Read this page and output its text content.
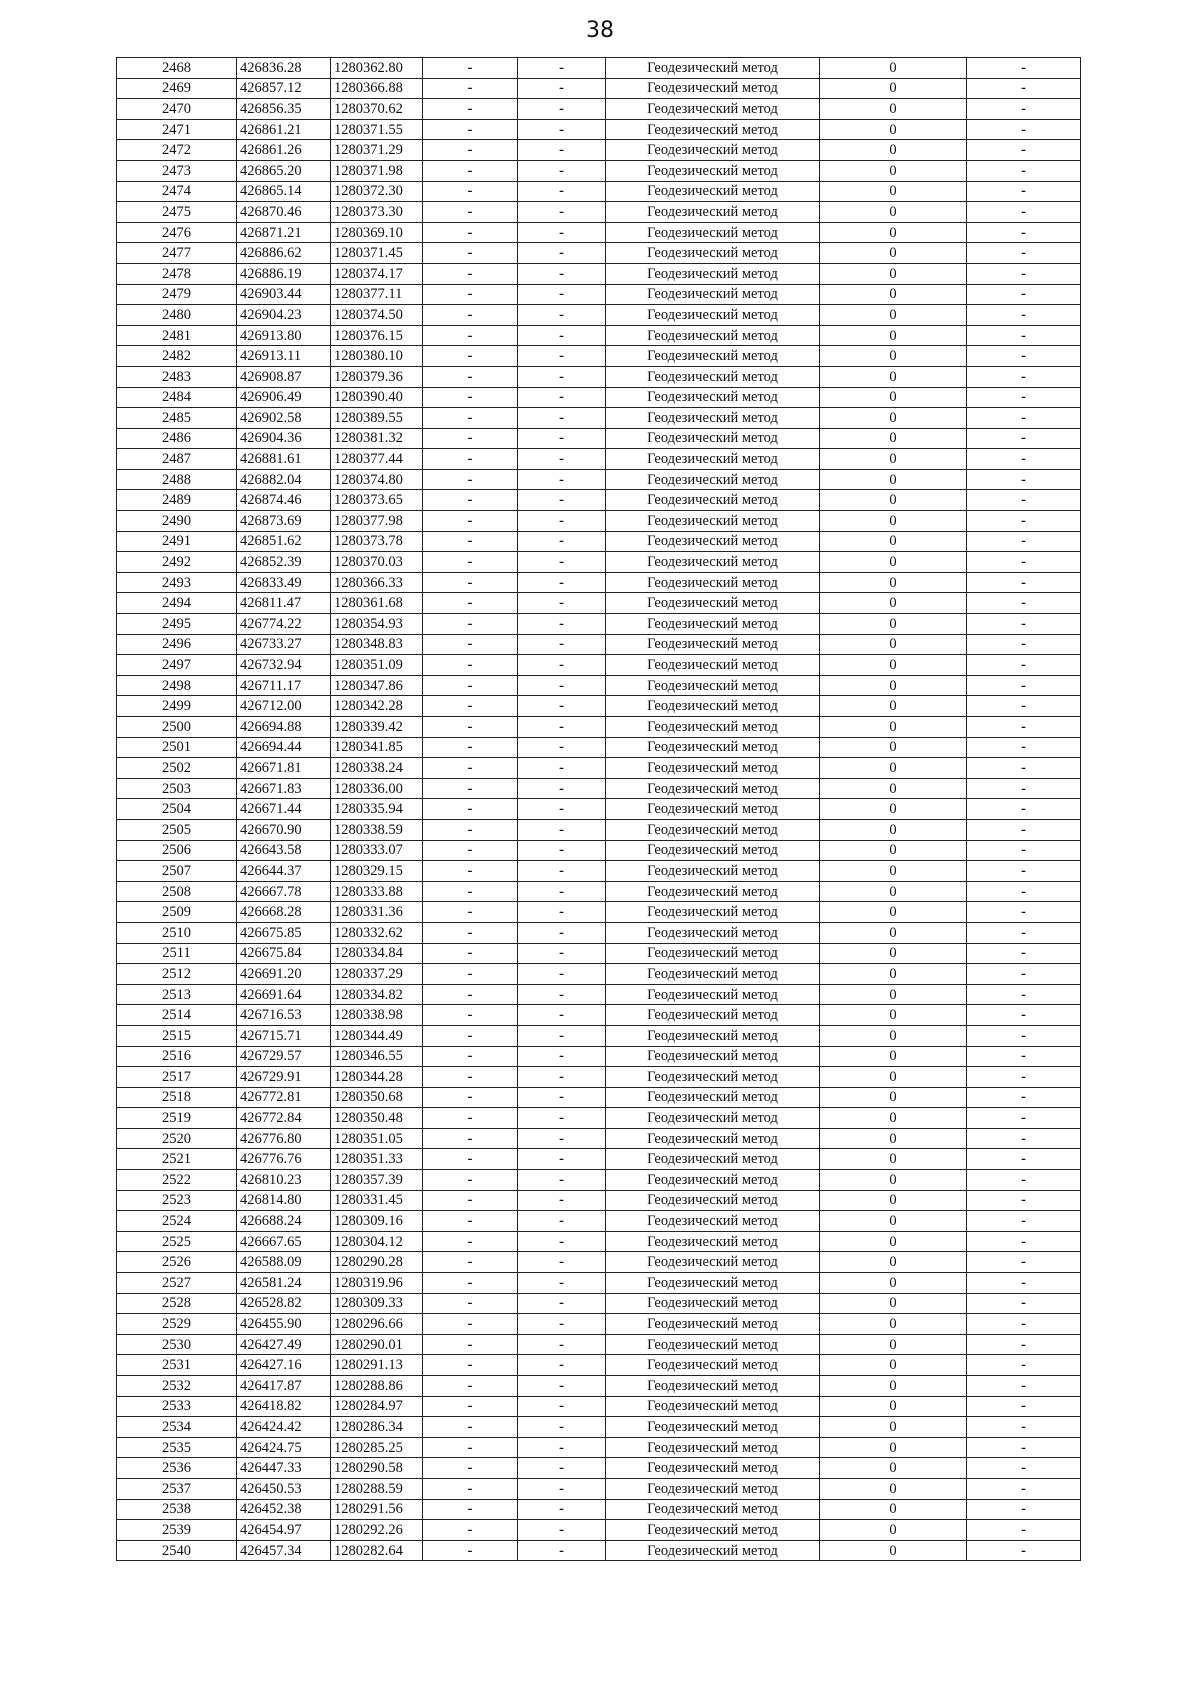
38
2468	426836.28	1280362.80	-	-	Геодезический метод	0	-
2469	426857.12	1280366.88	-	-	Геодезический метод	0	-
2470	426856.35	1280370.62	-	-	Геодезический метод	0	-
2471	426861.21	1280371.55	-	-	Геодезический метод	0	-
2472	426861.26	1280371.29	-	-	Геодезический метод	0	-
2473	426865.20	1280371.98	-	-	Геодезический метод	0	-
2474	426865.14	1280372.30	-	-	Геодезический метод	0	-
2475	426870.46	1280373.30	-	-	Геодезический метод	0	-
2476	426871.21	1280369.10	-	-	Геодезический метод	0	-
2477	426886.62	1280371.45	-	-	Геодезический метод	0	-
2478	426886.19	1280374.17	-	-	Геодезический метод	0	-
2479	426903.44	1280377.11	-	-	Геодезический метод	0	-
2480	426904.23	1280374.50	-	-	Геодезический метод	0	-
2481	426913.80	1280376.15	-	-	Геодезический метод	0	-
2482	426913.11	1280380.10	-	-	Геодезический метод	0	-
2483	426908.87	1280379.36	-	-	Геодезический метод	0	-
2484	426906.49	1280390.40	-	-	Геодезический метод	0	-
2485	426902.58	1280389.55	-	-	Геодезический метод	0	-
2486	426904.36	1280381.32	-	-	Геодезический метод	0	-
2487	426881.61	1280377.44	-	-	Геодезический метод	0	-
2488	426882.04	1280374.80	-	-	Геодезический метод	0	-
2489	426874.46	1280373.65	-	-	Геодезический метод	0	-
2490	426873.69	1280377.98	-	-	Геодезический метод	0	-
2491	426851.62	1280373.78	-	-	Геодезический метод	0	-
2492	426852.39	1280370.03	-	-	Геодезический метод	0	-
2493	426833.49	1280366.33	-	-	Геодезический метод	0	-
2494	426811.47	1280361.68	-	-	Геодезический метод	0	-
2495	426774.22	1280354.93	-	-	Геодезический метод	0	-
2496	426733.27	1280348.83	-	-	Геодезический метод	0	-
2497	426732.94	1280351.09	-	-	Геодезический метод	0	-
2498	426711.17	1280347.86	-	-	Геодезический метод	0	-
2499	426712.00	1280342.28	-	-	Геодезический метод	0	-
2500	426694.88	1280339.42	-	-	Геодезический метод	0	-
2501	426694.44	1280341.85	-	-	Геодезический метод	0	-
2502	426671.81	1280338.24	-	-	Геодезический метод	0	-
2503	426671.83	1280336.00	-	-	Геодезический метод	0	-
2504	426671.44	1280335.94	-	-	Геодезический метод	0	-
2505	426670.90	1280338.59	-	-	Геодезический метод	0	-
2506	426643.58	1280333.07	-	-	Геодезический метод	0	-
2507	426644.37	1280329.15	-	-	Геодезический метод	0	-
2508	426667.78	1280333.88	-	-	Геодезический метод	0	-
2509	426668.28	1280331.36	-	-	Геодезический метод	0	-
2510	426675.85	1280332.62	-	-	Геодезический метод	0	-
2511	426675.84	1280334.84	-	-	Геодезический метод	0	-
2512	426691.20	1280337.29	-	-	Геодезический метод	0	-
2513	426691.64	1280334.82	-	-	Геодезический метод	0	-
2514	426716.53	1280338.98	-	-	Геодезический метод	0	-
2515	426715.71	1280344.49	-	-	Геодезический метод	0	-
2516	426729.57	1280346.55	-	-	Геодезический метод	0	-
2517	426729.91	1280344.28	-	-	Геодезический метод	0	-
2518	426772.81	1280350.68	-	-	Геодезический метод	0	-
2519	426772.84	1280350.48	-	-	Геодезический метод	0	-
2520	426776.80	1280351.05	-	-	Геодезический метод	0	-
2521	426776.76	1280351.33	-	-	Геодезический метод	0	-
2522	426810.23	1280357.39	-	-	Геодезический метод	0	-
2523	426814.80	1280331.45	-	-	Геодезический метод	0	-
2524	426688.24	1280309.16	-	-	Геодезический метод	0	-
2525	426667.65	1280304.12	-	-	Геодезический метод	0	-
2526	426588.09	1280290.28	-	-	Геодезический метод	0	-
2527	426581.24	1280319.96	-	-	Геодезический метод	0	-
2528	426528.82	1280309.33	-	-	Геодезический метод	0	-
2529	426455.90	1280296.66	-	-	Геодезический метод	0	-
2530	426427.49	1280290.01	-	-	Геодезический метод	0	-
2531	426427.16	1280291.13	-	-	Геодезический метод	0	-
2532	426417.87	1280288.86	-	-	Геодезический метод	0	-
2533	426418.82	1280284.97	-	-	Геодезический метод	0	-
2534	426424.42	1280286.34	-	-	Геодезический метод	0	-
2535	426424.75	1280285.25	-	-	Геодезический метод	0	-
2536	426447.33	1280290.58	-	-	Геодезический метод	0	-
2537	426450.53	1280288.59	-	-	Геодезический метод	0	-
2538	426452.38	1280291.56	-	-	Геодезический метод	0	-
2539	426454.97	1280292.26	-	-	Геодезический метод	0	-
2540	426457.34	1280282.64	-	-	Геодезический метод	0	-
